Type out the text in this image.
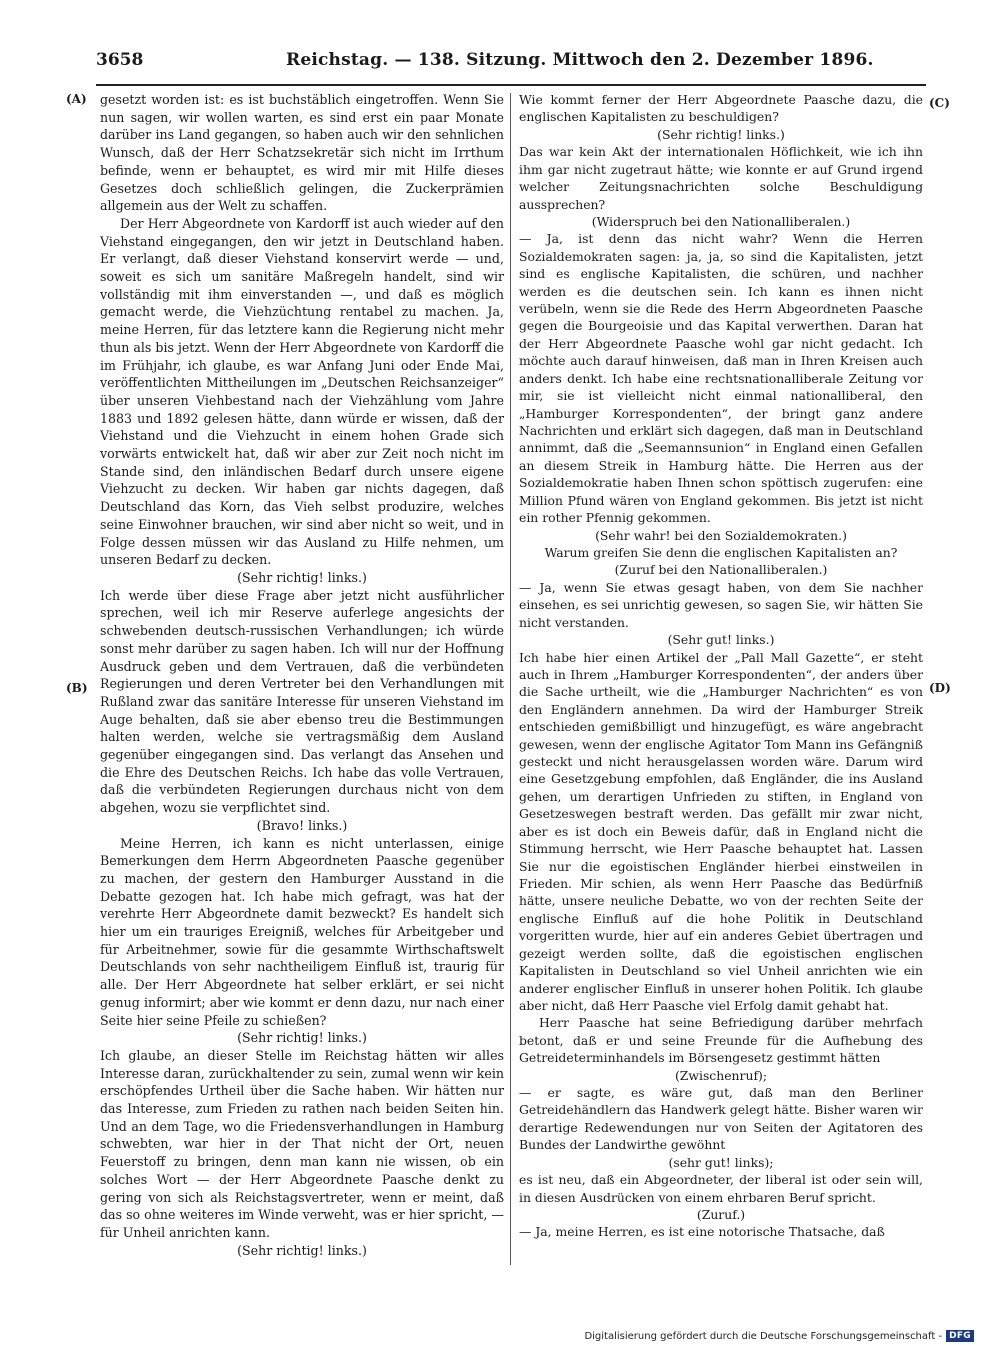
3658	Reichstag. — 138. Sitzung. Mittwoch den 2. Dezember 1896.
(A)
(B)
(C)
(D)

gesetzt worden ist: es ist buchstäblich eingetroffen. Wenn Sie nun sagen, wir wollen warten, es sind erst ein paar Monate darüber ins Land gegangen, so haben auch wir den sehnlichen Wunsch, daß der Herr Schatzsekretär sich nicht im Irrthum befinde, wenn er behauptet, es wird mir mit Hilfe dieses Gesetzes doch schließlich gelingen, die Zuckerprämien allgemein aus der Welt zu schaffen.

Der Herr Abgeordnete von Kardorff ist auch wieder auf den Viehstand eingegangen, den wir jetzt in Deutschland haben. Er verlangt, daß dieser Viehstand konservirt werde — und, soweit es sich um sanitäre Maßregeln handelt, sind wir vollständig mit ihm einverstanden —, und daß es möglich gemacht werde, die Viehzüchtung rentabel zu machen. Ja, meine Herren, für das letztere kann die Regierung nicht mehr thun als bis jetzt. Wenn der Herr Abgeordnete von Kardorff die im Frühjahr, ich glaube, es war Anfang Juni oder Ende Mai, veröffentlichten Mittheilungen im „Deutschen Reichsanzeiger“ über unseren Viehbestand nach der Viehzählung vom Jahre 1883 und 1892 gelesen hätte, dann würde er wissen, daß der Viehstand und die Viehzucht in einem hohen Grade sich vorwärts entwickelt hat, daß wir aber zur Zeit noch nicht im Stande sind, den inländischen Bedarf durch unsere eigene Viehzucht zu decken. Wir haben gar nichts dagegen, daß Deutschland das Korn, das Vieh selbst produzire, welches seine Einwohner brauchen, wir sind aber nicht so weit, und in Folge dessen müssen wir das Ausland zu Hilfe nehmen, um unseren Bedarf zu decken.

(Sehr richtig! links.)

Ich werde über diese Frage aber jetzt nicht ausführlicher sprechen, weil ich mir Reserve auferlege angesichts der schwebenden deutsch-russischen Verhandlungen; ich würde sonst mehr darüber zu sagen haben. Ich will nur der Hoffnung Ausdruck geben und dem Vertrauen, daß die verbündeten Regierungen und deren Vertreter bei den Verhandlungen mit Rußland zwar das sanitäre Interesse für unseren Viehstand im Auge behalten, daß sie aber ebenso treu die Bestimmungen halten werden, welche sie vertragsmäßig dem Ausland gegenüber eingegangen sind. Das verlangt das Ansehen und die Ehre des Deutschen Reichs. Ich habe das volle Vertrauen, daß die verbündeten Regierungen durchaus nicht von dem abgehen, wozu sie verpflichtet sind.

(Bravo! links.)

Meine Herren, ich kann es nicht unterlassen, einige Bemerkungen dem Herrn Abgeordneten Paasche gegenüber zu machen, der gestern den Hamburger Ausstand in die Debatte gezogen hat. Ich habe mich gefragt, was hat der verehrte Herr Abgeordnete damit bezweckt? Es handelt sich hier um ein trauriges Ereigniß, welches für Arbeitgeber und für Arbeitnehmer, sowie für die gesammte Wirthschaftswelt Deutschlands von sehr nachtheiligem Einfluß ist, traurig für alle. Der Herr Abgeordnete hat selber erklärt, er sei nicht genug informirt; aber wie kommt er denn dazu, nur nach einer Seite hier seine Pfeile zu schießen?

(Sehr richtig! links.)

Ich glaube, an dieser Stelle im Reichstag hätten wir alles Interesse daran, zurückhaltender zu sein, zumal wenn wir kein erschöpfendes Urtheil über die Sache haben. Wir hätten nur das Interesse, zum Frieden zu rathen nach beiden Seiten hin. Und an dem Tage, wo die Friedensverhandlungen in Hamburg schwebten, war hier in der That nicht der Ort, neuen Feuerstoff zu bringen, denn man kann nie wissen, ob ein solches Wort — der Herr Abgeordnete Paasche denkt zu gering von sich als Reichstagsvertreter, wenn er meint, daß das so ohne weiteres im Winde verweht, was er hier spricht, — für Unheil anrichten kann.

(Sehr richtig! links.)

Wie kommt ferner der Herr Abgeordnete Paasche dazu, die englischen Kapitalisten zu beschuldigen?

(Sehr richtig! links.)

Das war kein Akt der internationalen Höflichkeit, wie ich ihn ihm gar nicht zugetraut hätte; wie konnte er auf Grund irgend welcher Zeitungsnachrichten solche Beschuldigung aussprechen?

(Widerspruch bei den Nationalliberalen.)

— Ja, ist denn das nicht wahr? Wenn die Herren Sozialdemokraten sagen: ja, ja, so sind die Kapitalisten, jetzt sind es englische Kapitalisten, die schüren, und nachher werden es die deutschen sein. Ich kann es ihnen nicht verübeln, wenn sie die Rede des Herrn Abgeordneten Paasche gegen die Bourgeoisie und das Kapital verwerthen. Daran hat der Herr Abgeordnete Paasche wohl gar nicht gedacht. Ich möchte auch darauf hinweisen, daß man in Ihren Kreisen auch anders denkt. Ich habe eine rechtsnationalliberale Zeitung vor mir, sie ist vielleicht nicht einmal nationalliberal, den „Hamburger Korrespondenten“, der bringt ganz andere Nachrichten und erklärt sich dagegen, daß man in Deutschland annimmt, daß die „Seemannsunion“ in England einen Gefallen an diesem Streik in Hamburg hätte. Die Herren aus der Sozialdemokratie haben Ihnen schon spöttisch zugerufen: eine Million Pfund wären von England gekommen. Bis jetzt ist nicht ein rother Pfennig gekommen.

(Sehr wahr! bei den Sozialdemokraten.)

Warum greifen Sie denn die englischen Kapitalisten an?

(Zuruf bei den Nationalliberalen.)

— Ja, wenn Sie etwas gesagt haben, von dem Sie nachher einsehen, es sei unrichtig gewesen, so sagen Sie, wir hätten Sie nicht verstanden.

(Sehr gut! links.)

Ich habe hier einen Artikel der „Pall Mall Gazette“, er steht auch in Ihrem „Hamburger Korrespondenten“, der anders über die Sache urtheilt, wie die „Hamburger Nachrichten“ es von den Engländern annehmen. Da wird der Hamburger Streik entschieden gemißbilligt und hinzugefügt, es wäre angebracht gewesen, wenn der englische Agitator Tom Mann ins Gefängniß gesteckt und nicht herausgelassen worden wäre. Darum wird eine Gesetzgebung empfohlen, daß Engländer, die ins Ausland gehen, um derartigen Unfrieden zu stiften, in England von Gesetzeswegen bestraft werden. Das gefällt mir zwar nicht, aber es ist doch ein Beweis dafür, daß in England nicht die Stimmung herrscht, wie Herr Paasche behauptet hat. Lassen Sie nur die egoistischen Engländer hierbei einstweilen in Frieden. Mir schien, als wenn Herr Paasche das Bedürfniß hätte, unsere neuliche Debatte, wo von der rechten Seite der englische Einfluß auf die hohe Politik in Deutschland vorgeritten wurde, hier auf ein anderes Gebiet übertragen und gezeigt werden sollte, daß die egoistischen englischen Kapitalisten in Deutschland so viel Unheil anrichten wie ein anderer englischer Einfluß in unserer hohen Politik. Ich glaube aber nicht, daß Herr Paasche viel Erfolg damit gehabt hat.

Herr Paasche hat seine Befriedigung darüber mehrfach betont, daß er und seine Freunde für die Aufhebung des Getreideterminhandels im Börsengesetz gestimmt hätten

(Zwischenruf);

— er sagte, es wäre gut, daß man den Berliner Getreidehändlern das Handwerk gelegt hätte. Bisher waren wir derartige Redewendungen nur von Seiten der Agitatoren des Bundes der Landwirthe gewöhnt

(sehr gut! links);

es ist neu, daß ein Abgeordneter, der liberal ist oder sein will, in diesen Ausdrücken von einem ehrbaren Beruf spricht.

(Zuruf.)

— Ja, meine Herren, es ist eine notorische Thatsache, daß

Digitalisierung gefördert durch die Deutsche Forschungsgemeinschaft - DFG
